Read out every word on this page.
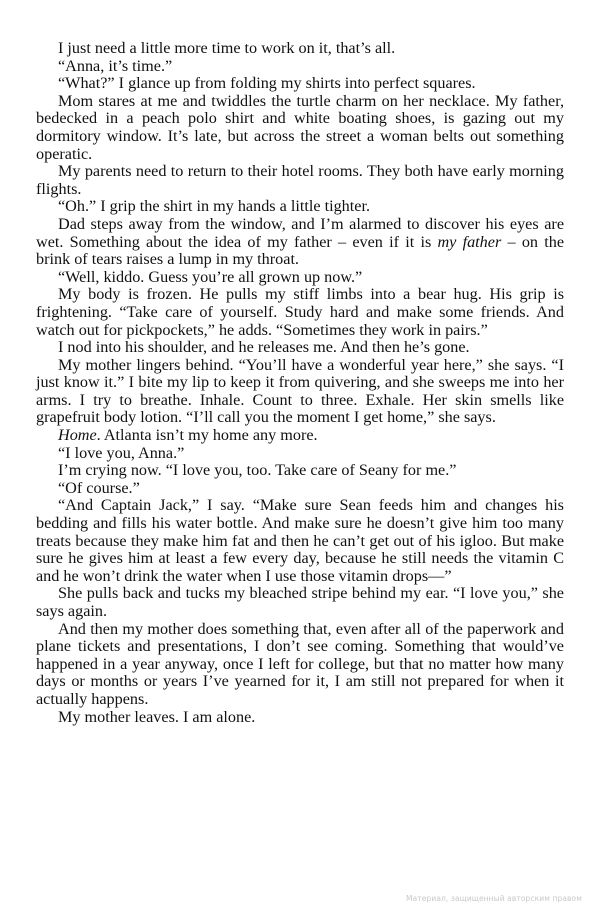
I just need a little more time to work on it, that’s all.

“Anna, it’s time.”

“What?” I glance up from folding my shirts into perfect squares.

Mom stares at me and twiddles the turtle charm on her necklace. My father, bedecked in a peach polo shirt and white boating shoes, is gazing out my dormitory window. It’s late, but across the street a woman belts out something operatic.

My parents need to return to their hotel rooms. They both have early morning flights.

“Oh.” I grip the shirt in my hands a little tighter.

Dad steps away from the window, and I’m alarmed to discover his eyes are wet. Something about the idea of my father – even if it is my father – on the brink of tears raises a lump in my throat.

“Well, kiddo. Guess you’re all grown up now.”

My body is frozen. He pulls my stiff limbs into a bear hug. His grip is frightening. “Take care of yourself. Study hard and make some friends. And watch out for pickpockets,” he adds. “Sometimes they work in pairs.”

I nod into his shoulder, and he releases me. And then he’s gone.

My mother lingers behind. “You’ll have a wonderful year here,” she says. “I just know it.” I bite my lip to keep it from quivering, and she sweeps me into her arms. I try to breathe. Inhale. Count to three. Exhale. Her skin smells like grapefruit body lotion. “I’ll call you the moment I get home,” she says.

Home. Atlanta isn’t my home any more.

“I love you, Anna.”

I’m crying now. “I love you, too. Take care of Seany for me.”

“Of course.”

“And Captain Jack,” I say. “Make sure Sean feeds him and changes his bedding and fills his water bottle. And make sure he doesn’t give him too many treats because they make him fat and then he can’t get out of his igloo. But make sure he gives him at least a few every day, because he still needs the vitamin C and he won’t drink the water when I use those vitamin drops—”

She pulls back and tucks my bleached stripe behind my ear. “I love you,” she says again.

And then my mother does something that, even after all of the paperwork and plane tickets and presentations, I don’t see coming. Something that would’ve happened in a year anyway, once I left for college, but that no matter how many days or months or years I’ve yearned for it, I am still not prepared for when it actually happens.

My mother leaves. I am alone.

Материал, защищенный авторским правом
